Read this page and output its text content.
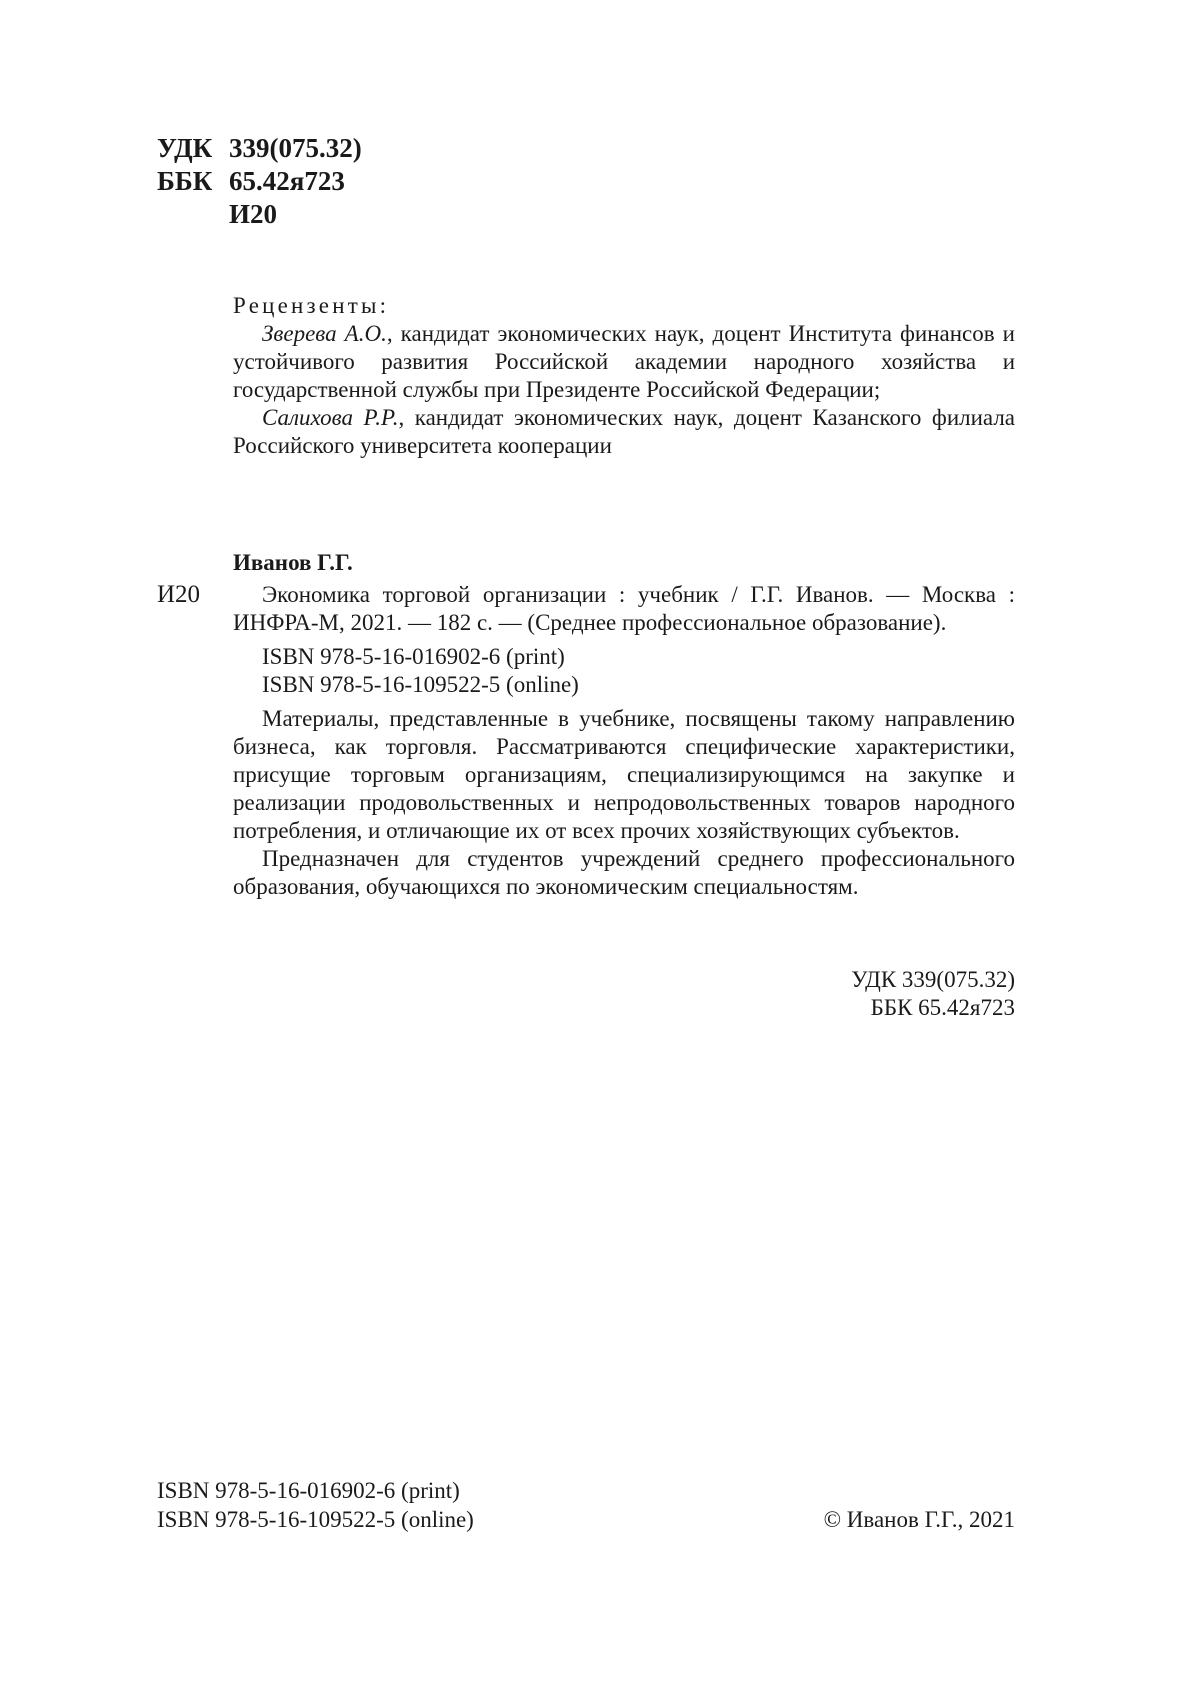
УДК 339(075.32)
ББК 65.42я723
И20
Рецензенты:

Зверева А.О., кандидат экономических наук, доцент Института финансов и устойчивого развития Российской академии народного хозяйства и государственной службы при Президенте Российской Федерации;

Салихова Р.Р., кандидат экономических наук, доцент Казанского филиала Российского университета кооперации

Иванов Г.Г.
И20	Экономика торговой организации : учебник / Г.Г. Иванов. — Москва : ИНФРА-М, 2021. — 182 с. — (Среднее профессиональное образование).

ISBN 978-5-16-016902-6 (print)
ISBN 978-5-16-109522-5 (online)

Материалы, представленные в учебнике, посвящены такому направлению бизнеса, как торговля. Рассматриваются специфические характеристики, присущие торговым организациям, специализирующимся на закупке и реализации продовольственных и непродовольственных товаров народного потребления, и отличающие их от всех прочих хозяйствующих субъектов.

Предназначен для студентов учреждений среднего профессионального образования, обучающихся по экономическим специальностям.

УДК 339(075.32)
ББК 65.42я723
ISBN 978-5-16-016902-6 (print)
ISBN 978-5-16-109522-5 (online)	© Иванов Г.Г., 2021
